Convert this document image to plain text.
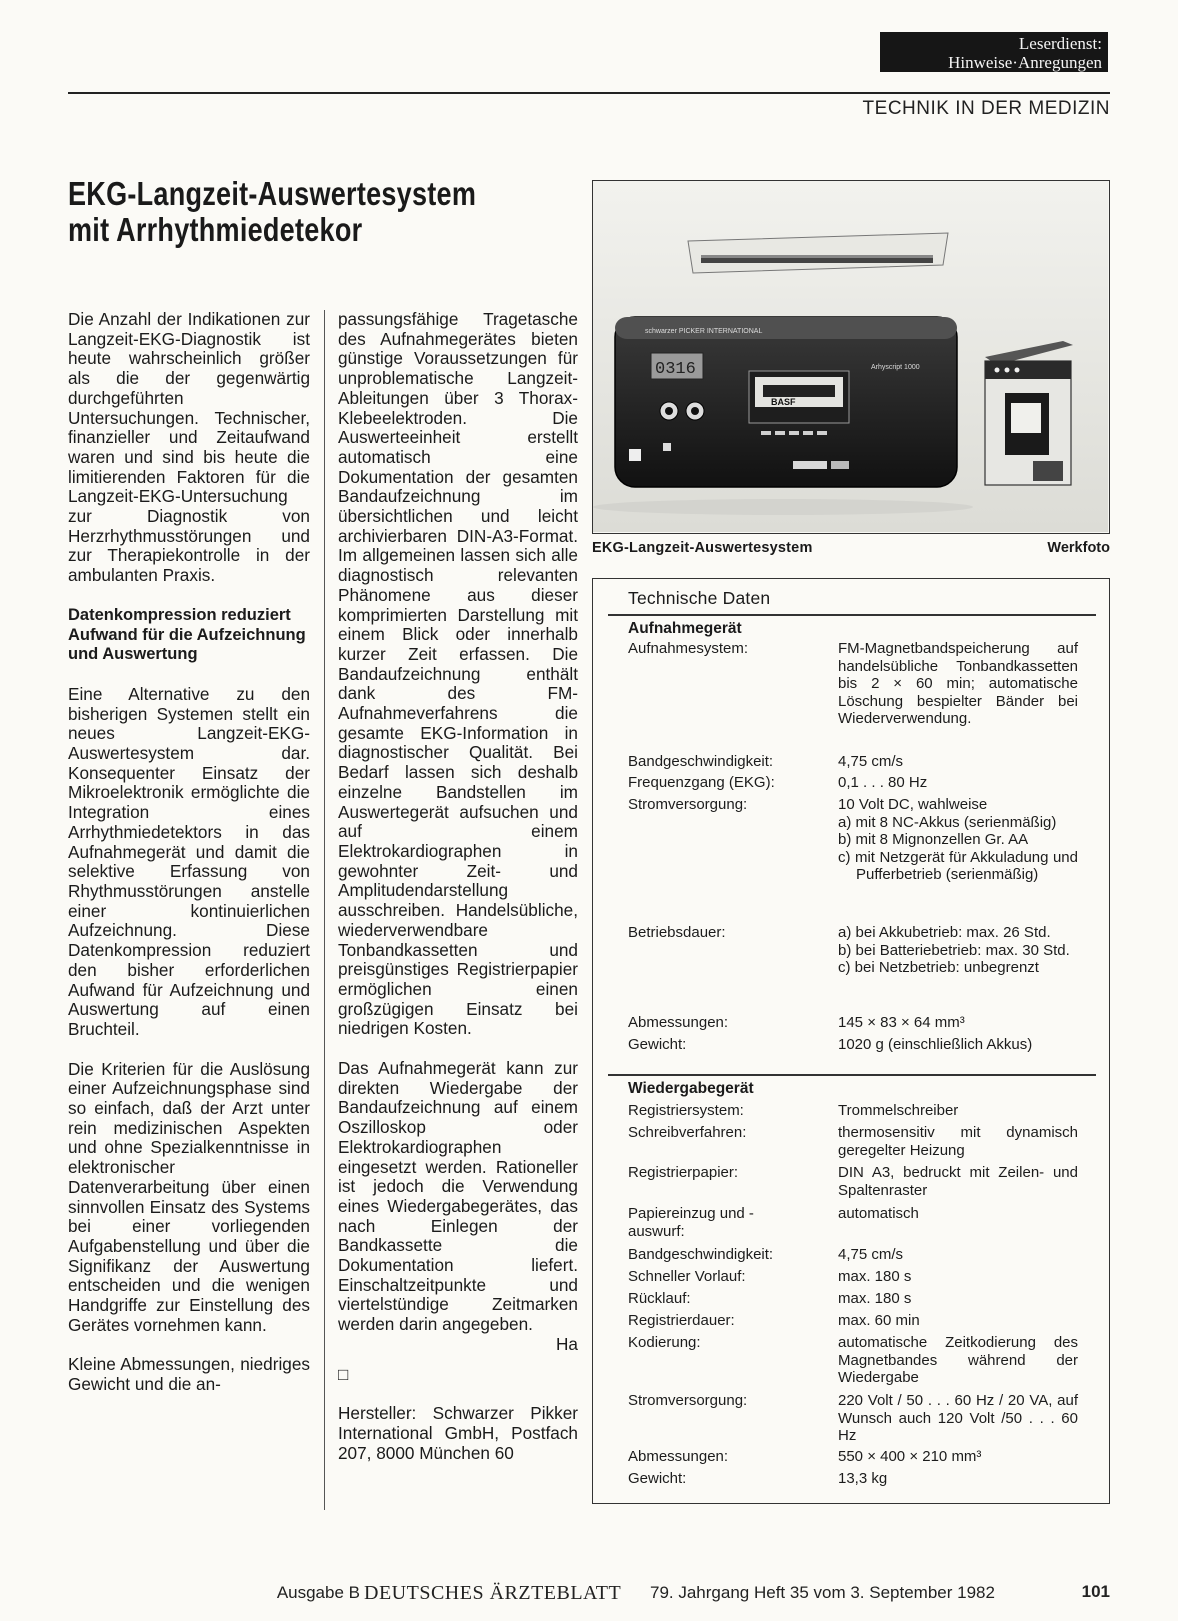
Leserdienst:
Hinweise·Anregungen
TECHNIK IN DER MEDIZIN
EKG-Langzeit-Auswertesystem
mit Arrhythmiedetekor

Die Anzahl der Indikationen zur Langzeit-EKG-Diagnostik ist heute wahrscheinlich größer als die der gegenwärtig durchgeführten Untersuchungen. Technischer, finanzieller und Zeitaufwand waren und sind bis heute die limitierenden Faktoren für die Langzeit-EKG-Untersuchung zur Diagnostik von Herzrhythmusstörungen und zur Therapiekontrolle in der ambulanten Praxis.

Datenkompression reduziert Aufwand für die Aufzeichnung und Auswertung

Eine Alternative zu den bisherigen Systemen stellt ein neues Langzeit-EKG-Auswertesystem dar. Konsequenter Einsatz der Mikroelektronik ermöglichte die Integration eines Arrhythmiedetektors in das Aufnahmegerät und damit die selektive Erfassung von Rhythmusstörungen anstelle einer kontinuierlichen Aufzeichnung. Diese Datenkompression reduziert den bisher erforderlichen Aufwand für Aufzeichnung und Auswertung auf einen Bruchteil.

Die Kriterien für die Auslösung einer Aufzeichnungsphase sind so einfach, daß der Arzt unter rein medizinischen Aspekten und ohne Spezialkenntnisse in elektronischer Datenverarbeitung über einen sinnvollen Einsatz des Systems bei einer vorliegenden Aufgabenstellung und über die Signifikanz der Auswertung entscheiden und die wenigen Handgriffe zur Einstellung des Gerätes vornehmen kann.

Kleine Abmessungen, niedriges Gewicht und die an-

passungsfähige Tragetasche des Aufnahmegerätes bieten günstige Voraussetzungen für unproblematische Langzeit-Ableitungen über 3 Thorax-Klebeelektroden. Die Auswerteeinheit erstellt automatisch eine Dokumentation der gesamten Bandaufzeichnung im übersichtlichen und leicht archivierbaren DIN-A3-Format. Im allgemeinen lassen sich alle diagnostisch relevanten Phänomene aus dieser komprimierten Darstellung mit einem Blick oder innerhalb kurzer Zeit erfassen. Die Bandaufzeichnung enthält dank des FM-Aufnahmeverfahrens die gesamte EKG-Information in diagnostischer Qualität. Bei Bedarf lassen sich deshalb einzelne Bandstellen im Auswertegerät aufsuchen und auf einem Elektrokardiographen in gewohnter Zeit- und Amplitudendarstellung ausschreiben. Handelsübliche, wiederverwendbare Tonbandkassetten und preisgünstiges Registrierpapier ermöglichen einen großzügigen Einsatz bei niedrigen Kosten.

Das Aufnahmegerät kann zur direkten Wiedergabe der Bandaufzeichnung auf einem Oszilloskop oder Elektrokardiographen eingesetzt werden. Rationeller ist jedoch die Verwendung eines Wiedergabegerätes, das nach Einlegen der Bandkassette die Dokumentation liefert. Einschaltzeitpunkte und viertelstündige Zeitmarken werden darin angegeben.
Ha

□

Hersteller: Schwarzer Pikker International GmbH, Postfach 207, 8000 München 60

schwarzer PICKER INTERNATIONAL
Arhyscript 1000
0316
BASF
EKG-Langzeit-Auswertesystem	Werkfoto
Technische Daten
Aufnahmegerät
Aufnahmesystem:	FM-Magnetbandspeicherung auf handelsübliche Tonbandkassetten bis 2 × 60 min; automatische Löschung bespielter Bänder bei Wiederverwendung.
Bandgeschwindigkeit:	4,75 cm/s
Frequenzgang (EKG):	0,1 . . . 80 Hz
Stromversorgung:	10 Volt DC, wahlweise
a) mit 8 NC-Akkus (serienmäßig)
b) mit 8 Mignonzellen Gr. AA
c) mit Netzgerät für Akkuladung und Pufferbetrieb (serienmäßig)
Betriebsdauer:	a) bei Akkubetrieb: max. 26 Std.
b) bei Batteriebetrieb: max. 30 Std.
c) bei Netzbetrieb: unbegrenzt
Abmessungen:	145 × 83 × 64 mm³
Gewicht:	1020 g (einschließlich Akkus)
Wiedergabegerät
Registriersystem:	Trommelschreiber
Schreibverfahren:	thermosensitiv mit dynamisch geregelter Heizung
Registrierpapier:	DIN A3, bedruckt mit Zeilen- und Spaltenraster
Papiereinzug und -auswurf:
automatisch
Bandgeschwindigkeit:	4,75 cm/s
Schneller Vorlauf:	max. 180 s
Rücklauf:	max. 180 s
Registrierdauer:	max. 60 min
Kodierung:	automatische Zeitkodierung des Magnetbandes während der Wiedergabe
Stromversorgung:	220 Volt / 50 . . . 60 Hz / 20 VA, auf Wunsch auch 120 Volt /50 . . . 60 Hz
Abmessungen:	550 × 400 × 210 mm³
Gewicht:	13,3 kg
Ausgabe B DEUTSCHES ÄRZTEBLATT 79. Jahrgang Heft 35 vom 3. September 1982	101
